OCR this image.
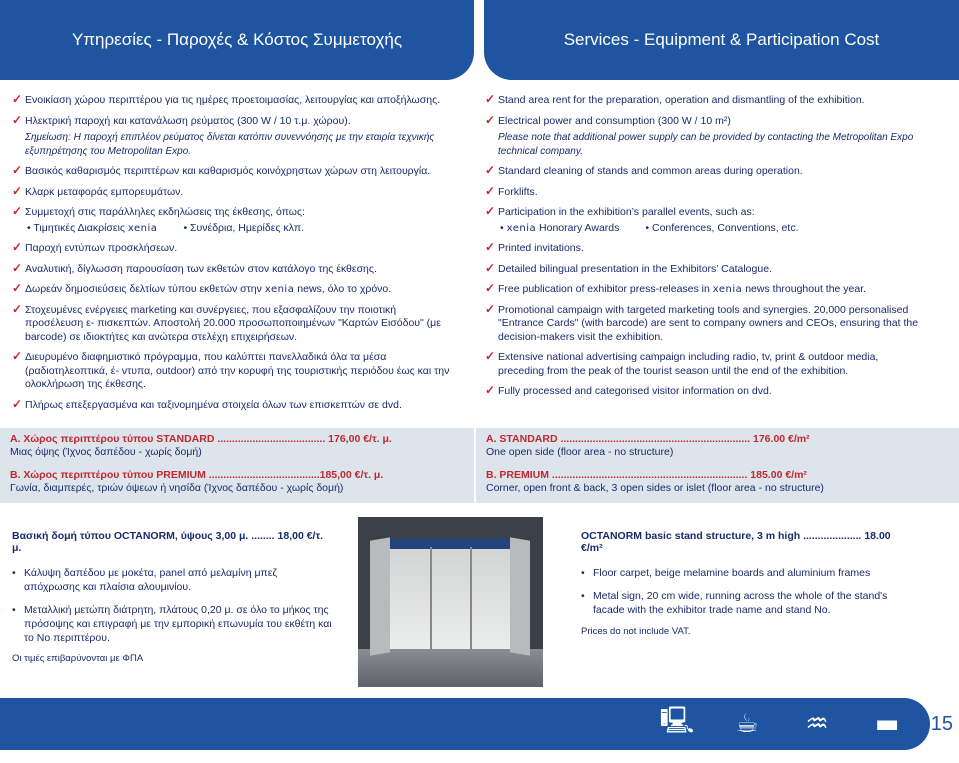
Υπηρεσίες - Παροχές & Κόστος Συμμετοχής	Services - Equipment & Participation Cost
✓ Ενοικίαση χώρου περιπτέρου για τις ημέρες προετοιμασίας, λειτουργίας και αποξήλωσης.
✓ Ηλεκτρική παροχή και κατανάλωση ρεύματος (300 W / 10 τ.μ. χώρου).
Σημείωση: Η παροχή επιπλέον ρεύματος δίνεται κατόπιν συνεννόησης με την εταιρία τεχνικής εξυπηρέτησης του Metropolitan Expo.
✓ Βασικός καθαρισμός περιπτέρων και καθαρισμός κοινόχρηστων χώρων στη λειτουργία.
✓ Κλαρκ μεταφοράς εμπορευμάτων.
✓ Συμμετοχή στις παράλληλες εκδηλώσεις της έκθεσης, όπως:
• Τιμητικές Διακρίσεις xenia	• Συνέδρια, Ημερίδες κλπ.
✓ Παροχή εντύπων προσκλήσεων.
✓ Αναλυτική, δίγλωσση παρουσίαση των εκθετών στον κατάλογο της έκθεσης.
✓ Δωρεάν δημοσιεύσεις δελτίων τύπου εκθετών στην xenia news, όλο το χρόνο.
✓ Στοχευμένες ενέργειες marketing και συνέργειες, που εξασφαλίζουν την ποιοτική προσέλευση ε- πισκεπτών. Αποστολή 20.000 προσωποποιημένων "Καρτών Εισόδου" (με barcode) σε ιδιοκτήτες και ανώτερα στελέχη επιχειρήσεων.
✓ Διευρυμένο διαφημιστικό πρόγραμμα, που καλύπτει πανελλαδικά όλα τα μέσα (ραδιοτηλεοπτικά, έ- ντυπα, outdoor) από την κορυφή της τουριστικής περιόδου έως και την ολοκλήρωση της έκθεσης.
✓ Πλήρως επεξεργασμένα και ταξινομημένα στοιχεία όλων των επισκεπτών σε dvd.
✓ Stand area rent for the preparation, operation and dismantling of the exhibition.
✓ Electrical power and consumption (300 W / 10 m²)
Please note that additional power supply can be provided by contacting the Metropolitan Expo technical company.
✓ Standard cleaning of stands and common areas during operation.
✓ Forklifts.
✓ Participation in the exhibition’s parallel events, such as:
• xenia Honorary Awards	• Conferences, Conventions, etc.
✓ Printed invitations.
✓ Detailed bilingual presentation in the Exhibitors’ Catalogue.
✓ Free publication of exhibitor press-releases in xenia news throughout the year.
✓ Promotional campaign with targeted marketing tools and synergies. 20,000 personalised "Entrance Cards" (with barcode) are sent to company owners and CEOs, ensuring that the decision-makers visit the exhibition.
✓ Extensive national advertising campaign including radio, tv, print & outdoor media, preceding from the peak of the tourist season until the end of the exhibition.
✓ Fully processed and categorised visitor information on dvd.
Α. Χώρος περιπτέρου τύπου STANDARD ..................................... 176,00 €/τ. μ.
Μιας όψης (Ίχνος δαπέδου - χωρίς δομή)
Β. Χώρος περιπτέρου τύπου PREMIUM ......................................185,00 €/τ. μ.
Γωνία, διαμπερές, τριών όψεων ή νησίδα (Ίχνος δαπέδου - χωρίς δομή)
A. STANDARD ................................................................. 176.00 €/m²
One open side (floor area - no structure)
B. PREMIUM ................................................................... 185.00 €/m²
Corner, open front & back, 3 open sides or islet (floor area - no structure)
Βασική δομή τύπου OCTANORM, ύψους 3,00 μ. ........ 18,00 €/τ. μ.
• Κάλυψη δαπέδου με μοκέτα, panel από μελαμίνη μπεζ απόχρωσης και πλαίσια αλουμινίου.
• Μεταλλική μετώπη διάτρητη, πλάτους 0,20 μ. σε όλο το μήκος της πρόσοψης και επιγραφή με την εμπορική επωνυμία του εκθέτη και το Νο περιπτέρου.
Οι τιμές επιβαρύνονται με ΦΠΑ
OCTANORM basic stand structure, 3 m high .................... 18.00 €/m²
• Floor carpet, beige melamine boards and aluminium frames
• Metal sign, 20 cm wide, running across the whole of the stand's facade with the exhibitor trade name and stand No.
Prices do not include VAT.
🖳 ☕ ♒ ▬ 15
